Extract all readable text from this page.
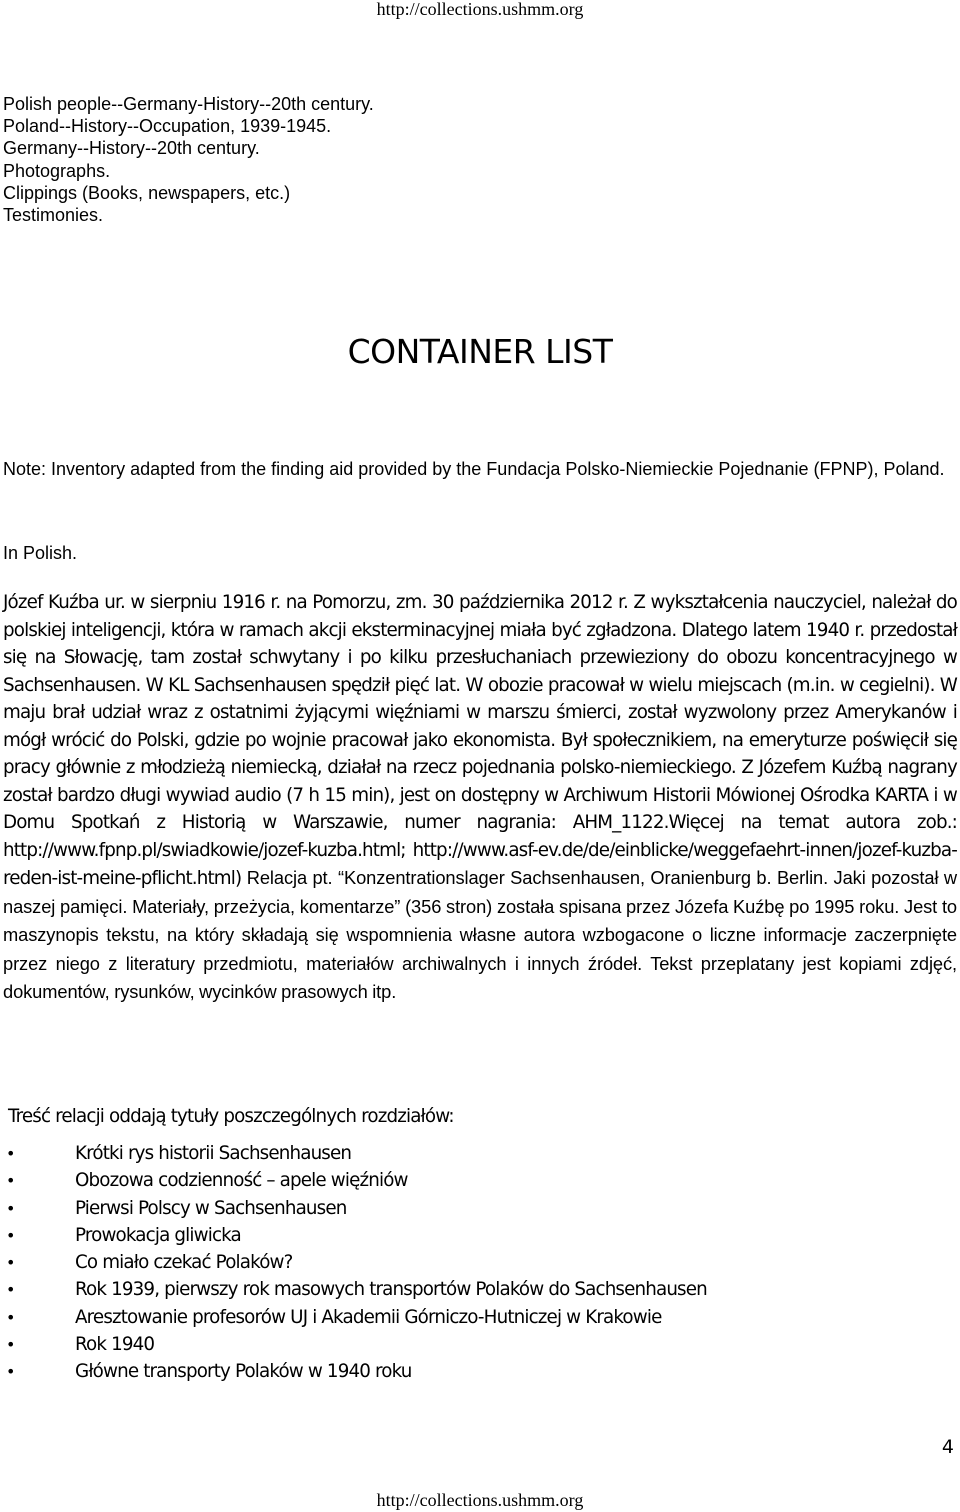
http://collections.ushmm.org
Polish people--Germany-History--20th century.
Poland--History--Occupation, 1939-1945.
Germany--History--20th century.
Photographs.
Clippings (Books, newspapers, etc.)
Testimonies.
CONTAINER LIST
Note: Inventory adapted from the finding aid provided by the Fundacja Polsko-Niemieckie Pojednanie (FPNP), Poland.
In Polish.
Józef Kuźba ur. w sierpniu 1916 r. na Pomorzu, zm. 30 października 2012 r. Z wykształcenia nauczyciel, należał do polskiej inteligencji, która w ramach akcji eksterminacyjnej miała być zgładzona. Dlatego latem 1940 r. przedostał się na Słowację, tam został schwytany i po kilku przesłuchaniach przewieziony do obozu koncentracyjnego w Sachsenhausen. W KL Sachsenhausen spędził pięć lat. W obozie pracował w wielu miejscach (m.in. w cegielni). W maju brał udział wraz z ostatnimi żyjącymi więźniami w marszu śmierci, został wyzwolony przez Amerykanów i mógł wrócić do Polski, gdzie po wojnie pracował jako ekonomista. Był społecznikiem, na emeryturze poświęcił się pracy głównie z młodzieżą niemiecką, działał na rzecz pojednania polsko-niemieckiego. Z Józefem Kuźbą nagrany został bardzo długi wywiad audio (7 h 15 min), jest on dostępny w Archiwum Historii Mówionej Ośrodka KARTA i w Domu Spotkań z Historią w Warszawie, numer nagrania: AHM_1122.Więcej na temat autora zob.: http://www.fpnp.pl/swiadkowie/jozef-kuzba.html; http://www.asf-ev.de/de/einblicke/weggefaehrt-innen/jozef-kuzba-reden-ist-meine-pflicht.html) Relacja pt. “Konzentrationslager Sachsenhausen, Oranienburg b. Berlin. Jaki pozostał w naszej pamięci. Materiały, przeżycia, komentarze” (356 stron) została spisana przez Józefa Kuźbę po 1995 roku. Jest to maszynopis tekstu, na który składają się wspomnienia własne autora wzbogacone o liczne informacje zaczerpnięte przez niego z literatury przedmiotu, materiałów archiwalnych i innych źródeł. Tekst przeplatany jest kopiami zdjęć, dokumentów, rysunków, wycinków prasowych itp.
Treść relacji oddają tytuły poszczególnych rozdziałów:
•	Krótki rys historii Sachsenhausen
•	Obozowa codzienność – apele więźniów
•	Pierwsi Polscy w Sachsenhausen
•	Prowokacja gliwicka
•	Co miało czekać Polaków?
•	Rok 1939, pierwszy rok masowych transportów Polaków do Sachsenhausen
•	Aresztowanie profesorów UJ i Akademii Górniczo-Hutniczej w Krakowie
•	Rok 1940
•	Główne transporty Polaków w 1940 roku
4
http://collections.ushmm.org
